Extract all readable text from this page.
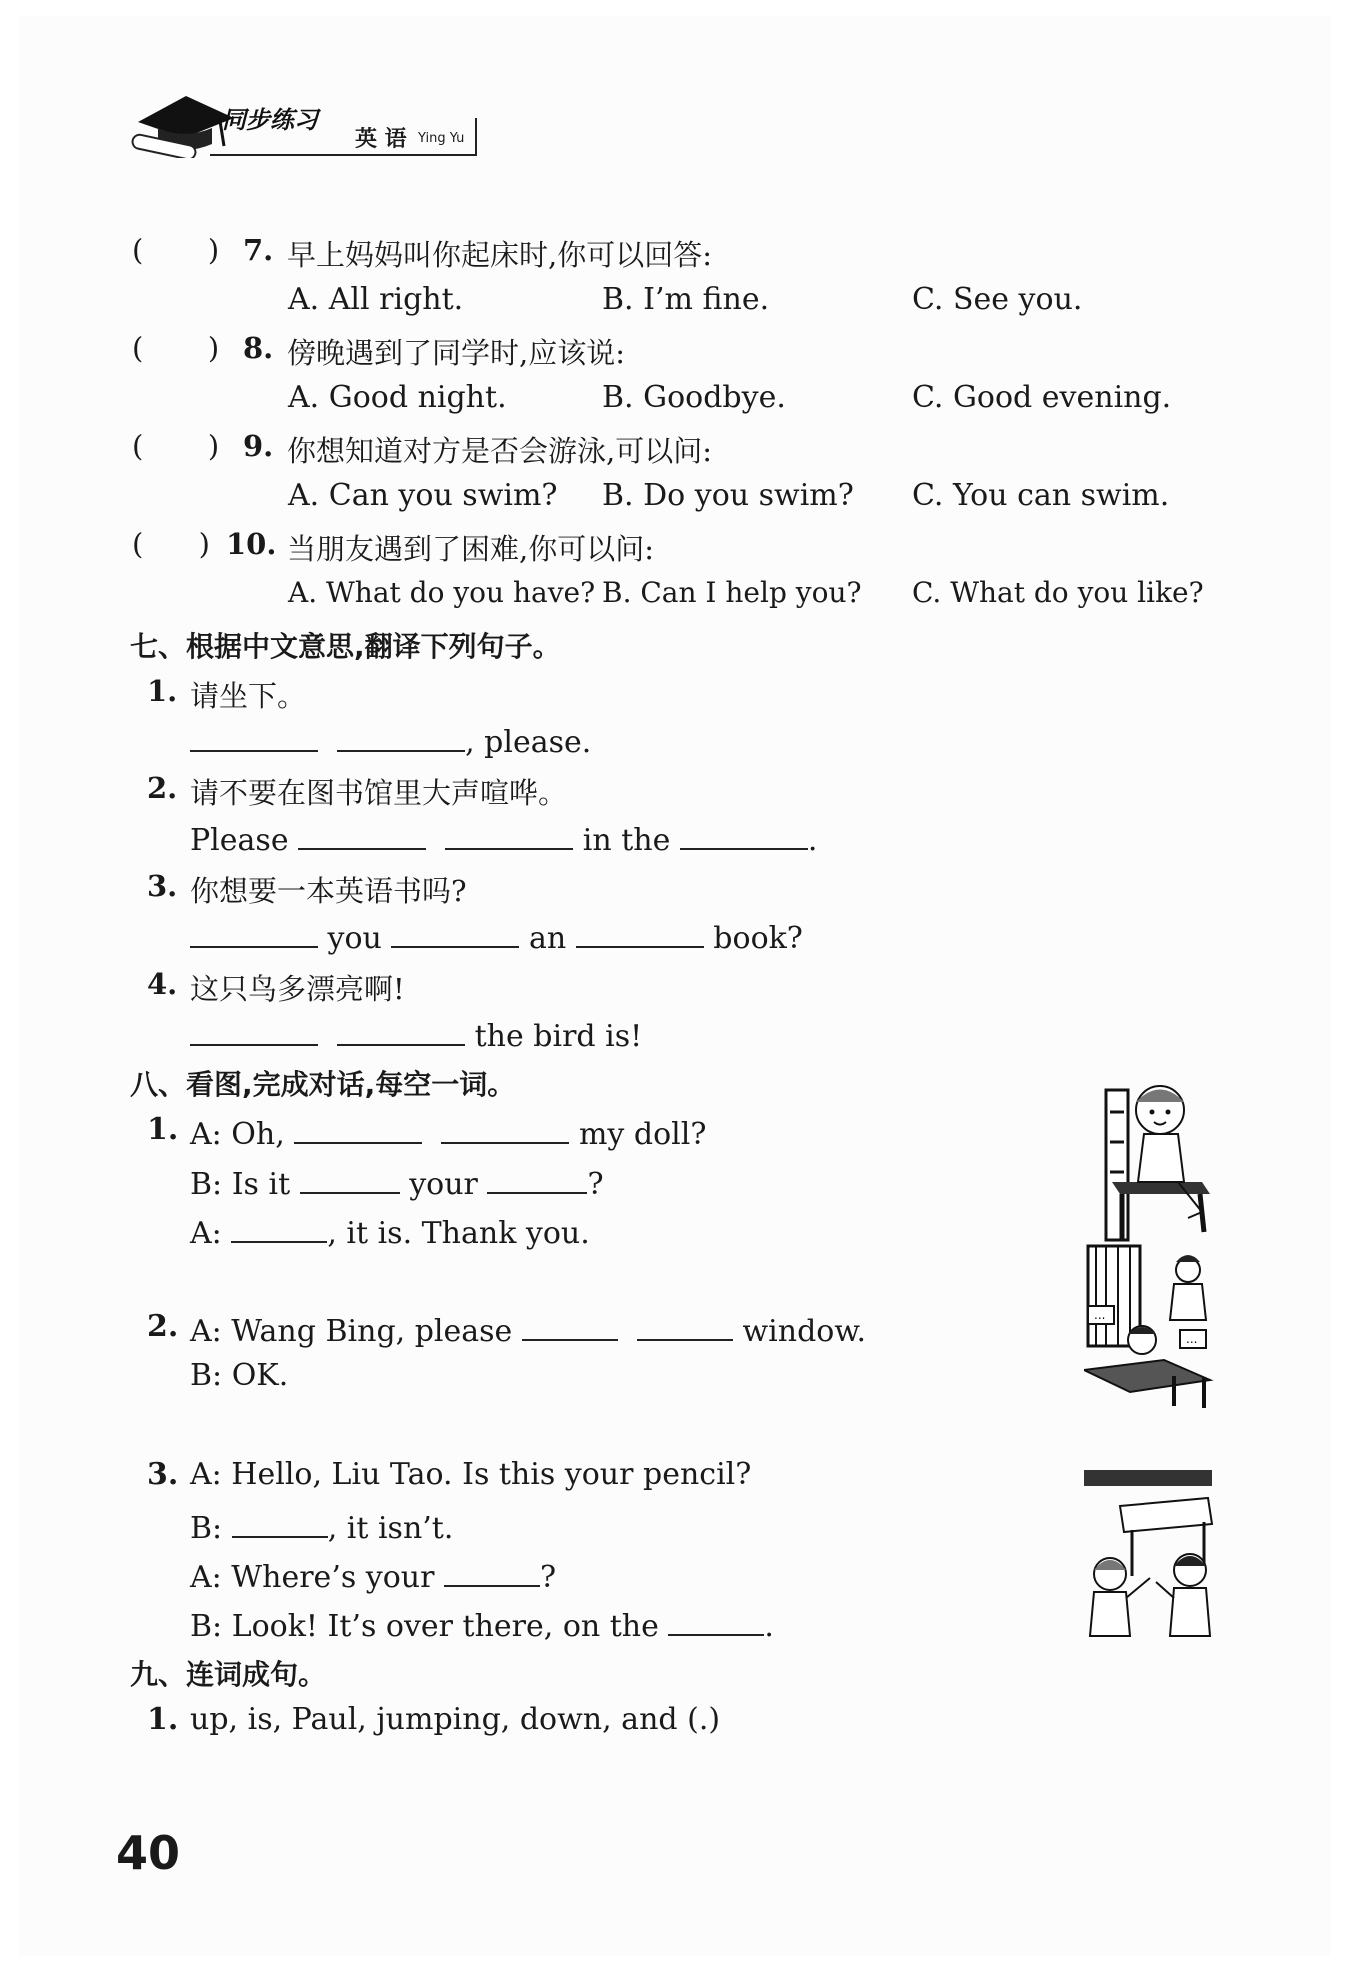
同步练习
英 语 Ying Yu
(       ) 7. 早上妈妈叫你起床时,你可以回答:
A. All right.	B. I’m fine.	C. See you.
(       ) 8. 傍晚遇到了同学时,应该说:
A. Good night.	B. Goodbye.	C. Good evening.
(       ) 9. 你想知道对方是否会游泳,可以问:
A. Can you swim? B. Do you swim? C. You can swim.
(      ) 10. 当朋友遇到了困难,你可以问:
A. What do you have? B. Can I help you? C. What do you like?
七、根据中文意思,翻译下列句子。
1. 请坐下。
, please.
2. 请不要在图书馆里大声喧哗。
Please	in the	.
3. 你想要一本英语书吗?
you	an	book?
4. 这只鸟多漂亮啊!
the bird is!
八、看图,完成对话,每空一词。
1. A: Oh,	my doll?
B: Is it	your	?
A:	, it is. Thank you.
2. A: Wang Bing, please	window.
B: OK.
...
...
3. A: Hello, Liu Tao. Is this your pencil?
B:	, it isn’t.
A: Where’s your	?
B: Look! It’s over there, on the	.
九、连词成句。
1. up, is, Paul, jumping, down, and (.)
40
